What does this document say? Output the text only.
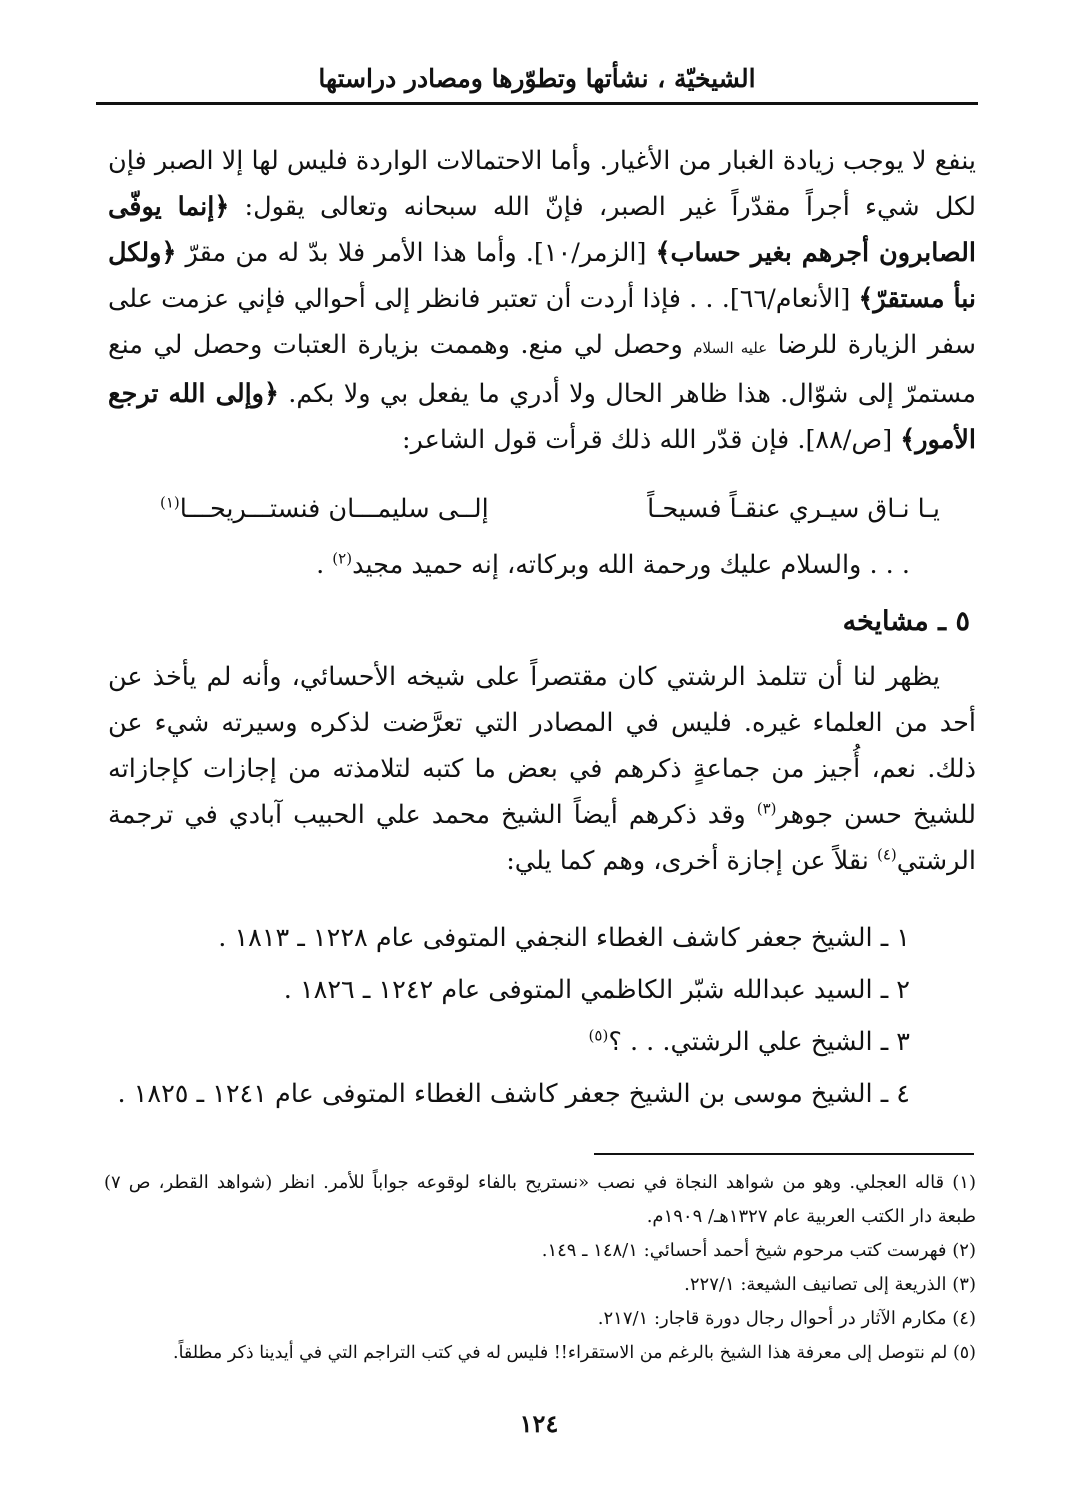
الشيخيّة ، نشأتها وتطوّرها ومصادر دراستها

ينفع لا يوجب زيادة الغبار من الأغيار. وأما الاحتمالات الواردة فليس لها إلا الصبر فإن لكل شيء أجراً مقدّراً غير الصبر، فإنّ الله سبحانه وتعالى يقول: ﴿إنما يوفّى الصابرون أجرهم بغير حساب﴾ [الزمر/١٠]. وأما هذا الأمر فلا بدّ له من مقرّ ﴿ولكل نبأ مستقرّ﴾ [الأنعام/٦٦]. . . فإذا أردت أن تعتبر فانظر إلى أحوالي فإني عزمت على سفر الزيارة للرضا عليه السلام وحصل لي منع. وهممت بزيارة العتبات وحصل لي منع مستمرّ إلى شوّال. هذا ظاهر الحال ولا أدري ما يفعل بي ولا بكم. ﴿وإلى الله ترجع الأمور﴾ [ص/٨٨]. فإن قدّر الله ذلك قرأت قول الشاعر:

يـا نـاق سيـري عنقـاً فسيحـاً
إلــى سليمـــان فنستـــريحـــا$^{(١)}$
. . . والسلام عليك ورحمة الله وبركاته، إنه حميد مجيد$^{(٢)}$ .
٥ ـ مشايخه

يظهر لنا أن تتلمذ الرشتي كان مقتصراً على شيخه الأحسائي، وأنه لم يأخذ عن أحد من العلماء غيره. فليس في المصادر التي تعرَّضت لذكره وسيرته شيء عن ذلك. نعم، أُجيز من جماعةٍ ذكرهم في بعض ما كتبه لتلامذته من إجازات كإجازاته للشيخ حسن جوهر$^{(٣)}$ وقد ذكرهم أيضاً الشيخ محمد علي الحبيب آبادي في ترجمة الرشتي$^{(٤)}$ نقلاً عن إجازة أخرى، وهم كما يلي:

١ ـ الشيخ جعفر كاشف الغطاء النجفي المتوفى عام ١٢٢٨ ـ ١٨١٣ .
٢ ـ السيد عبدالله شبّر الكاظمي المتوفى عام ١٢٤٢ ـ ١٨٢٦ .
٣ ـ الشيخ علي الرشتي. . . ؟$^{(٥)}$
٤ ـ الشيخ موسى بن الشيخ جعفر كاشف الغطاء المتوفى عام ١٢٤١ ـ ١٨٢٥ .
(١) قاله العجلي. وهو من شواهد النجاة في نصب «نستريح بالفاء لوقوعه جواباً للأمر. انظر (شواهد القطر، ص ٧) طبعة دار الكتب العربية عام ١٣٢٧هـ/ ١٩٠٩م.
(٢) فهرست كتب مرحوم شيخ أحمد أحسائي: ١٤٨/١ ـ ١٤٩.
(٣) الذريعة إلى تصانيف الشيعة: ٢٢٧/١.
(٤) مكارم الآثار در أحوال رجال دورة قاجار: ٢١٧/١.
(٥) لم نتوصل إلى معرفة هذا الشيخ بالرغم من الاستقراء!! فليس له في كتب التراجم التي في أيدينا ذكر مطلقاً.
١٢٤
